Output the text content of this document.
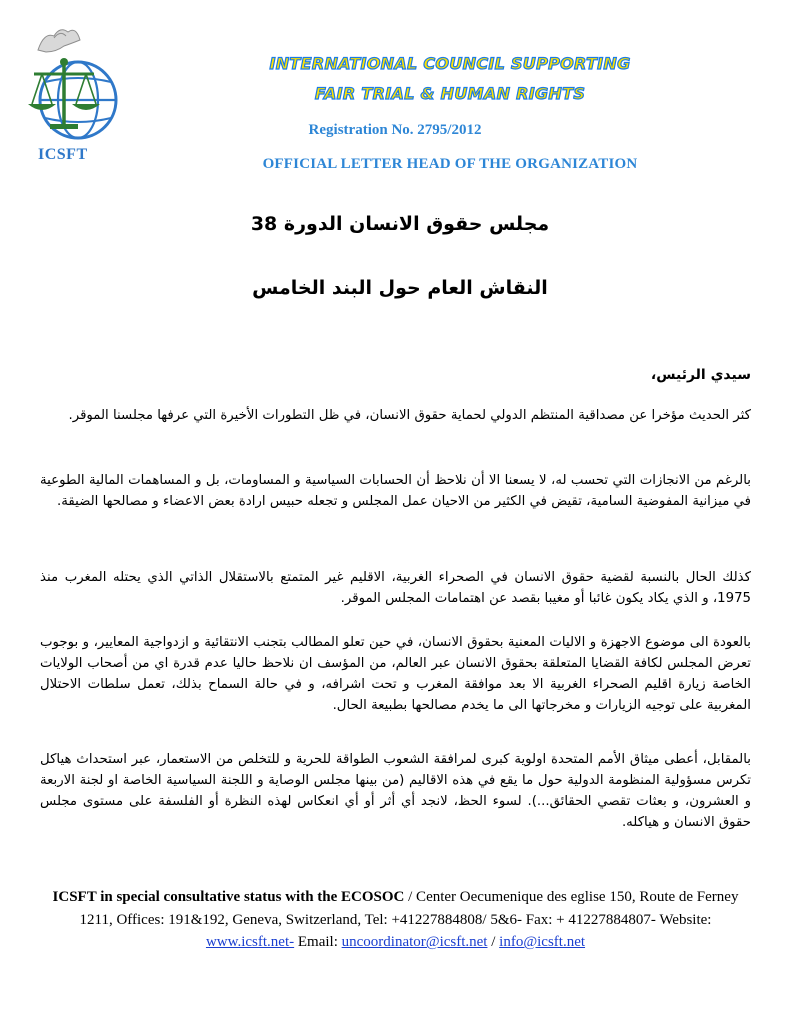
ICSFT
INTERNATIONAL COUNCIL SUPPORTING
FAIR TRIAL & HUMAN RIGHTS
Registration No. 2795/2012
OFFICIAL LETTER HEAD OF THE ORGANIZATION
مجلس حقوق الانسان الدورة 38
النقاش العام حول البند الخامس
سيدي الرئيس،
كثر الحديث مؤخرا عن مصداقية المنتظم الدولي لحماية حقوق الانسان، في ظل التطورات الأخيرة التي عرفها مجلسنا الموقر.
بالرغم من الانجازات التي تحسب له، لا يسعنا الا أن نلاحظ أن الحسابات السياسية و المساومات، بل و المساهمات المالية الطوعية في ميزانية المفوضية السامية، تقيض في الكثير من الاحيان عمل المجلس و تجعله حبيس ارادة بعض الاعضاء و مصالحها الضيقة.
كذلك الحال بالنسبة لقضية حقوق الانسان في الصحراء الغربية، الاقليم غير المتمتع بالاستقلال الذاتي الذي يحتله المغرب منذ 1975، و الذي يكاد يكون غائبا أو مغيبا بقصد عن اهتمامات المجلس الموقر.
بالعودة الى موضوع الاجهزة و الاليات المعنية بحقوق الانسان، في حين تعلو المطالب بتجنب الانتقائية و ازدواجية المعايير، و بوجوب تعرض المجلس لكافة القضايا المتعلقة بحقوق الانسان عبر العالم، من المؤسف ان نلاحظ حاليا عدم قدرة اي من أصحاب الولايات الخاصة زيارة اقليم الصحراء الغربية الا بعد موافقة المغرب و تحت اشرافه، و في حالة السماح بذلك، تعمل سلطات الاحتلال المغربية على توجيه الزيارات و مخرجاتها الى ما يخدم مصالحها بطبيعة الحال.
بالمقابل، أعطى ميثاق الأمم المتحدة اولوية كبرى لمرافقة الشعوب الطواقة للحرية و للتخلص من الاستعمار، عبر استحداث هياكل تكرس مسؤولية المنظومة الدولية حول ما يقع في هذه الاقاليم (من بينها مجلس الوصاية و اللجنة السياسية الخاصة او لجنة الاربعة و العشرون، و بعثات تقصي الحقائق...). لسوء الحظ، لانجد أي أثر أو أي انعكاس لهذه النظرة أو الفلسفة على مستوى مجلس حقوق الانسان و هياكله.
ICSFT in special consultative status with the ECOSOC / Center Oecumenique des eglise 150, Route de Ferney 1211, Offices: 191&192, Geneva, Switzerland, Tel: +41227884808/ 5&6- Fax: + 41227884807- Website: www.icsft.net- Email: uncoordinator@icsft.net / info@icsft.net
